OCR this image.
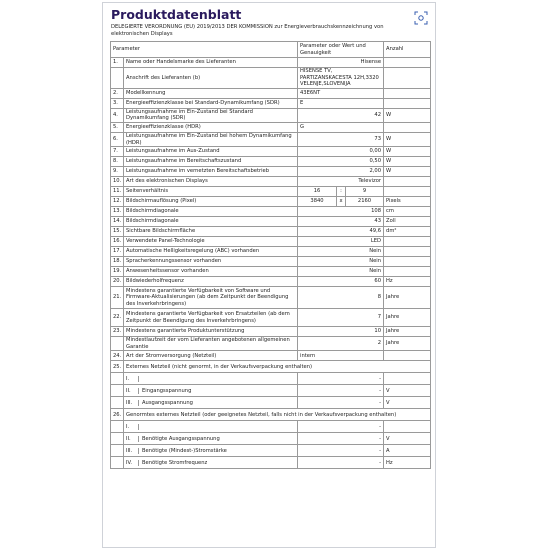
Produktdatenblatt
DELEGIERTE VERORDNUNG (EU) 2019/2013 DER KOMMISSION zur Energieverbrauchskennzeichnung von elektronischen Displays
Parameter		Parameter oder Wert und Genauigkeit			Anzahl
1.	Name oder Handelsmarke des Lieferanten	Hisense			
	Anschrift des Lieferanten (b)	HISENSE TV, PARTIZANSKACESTA 12H,3320 VELENJE,SLOVENIJA			
2.	Modellkennung	43E6NT			
3.	Energieeffizienzklasse bei Standard-Dynamikumfang (SDR)	E			
4.	Leistungsaufnahme im Ein-Zustand bei Standard Dynamikumfang (SDR)	42			W
5.	Energieeffizienzklasse (HDR)	G			
6.	Leistungsaufnahme im Ein-Zustand bei hohem Dynamikumfang (HDR)	73			W
7.	Leistungsaufnahme im Aus-Zustand	0,00			W
8.	Leistungsaufnahme im Bereitschaftszustand	0,50			W
9.	Leistungsaufnahme im vernetzten Bereitschaftsbetrieb	2,00			W
10.	Art des elektronischen Displays	Televizor			
11.	Seitenverhältnis	16	:	9	
12.	Bildschirmauflösung (Pixel)	3840	x	2160	Pixels
13.	Bildschirmdiagonale	108			cm
14.	Bildschirmdiagonale	43			Zoll
15.	Sichtbare Bildschirmfläche	49,6			dm²
16.	Verwendete Panel-Technologie	LED			
17.	Automatische Helligkeitsregelung (ABC) vorhanden	Nein			
18.	Spracherkennungssensor vorhanden	Nein			
19.	Anwesenheitssensor vorhanden	Nein			
20.	Bildwiederholfrequenz	60			Hz
21.	Mindestens garantierte Verfügbarkeit von Software und Firmware-Aktualisierungen (ab dem Zeitpunkt der Beendigung des Inverkehrbringens)	8			Jahre
22.	Mindestens garantierte Verfügbarkeit von Ersatzteilen (ab dem Zeitpunkt der Beendigung des Inverkehrbringens)	7			Jahre
23.	Mindestens garantierte Produktunterstützung	10			Jahre
	Mindestlaufzeit der vom Lieferanten angebotenen allgemeinen Garantie	2			Jahre
24.	Art der Stromversorgung (Netzteil)	intern			
25.	Externes Netzteil (nicht genormt, in der Verkaufsverpackung enthalten)				
	I.	-			
	II. Eingangsspannung	-			V
	III. Ausgangsspannung	-			V
26.	Genormtes externes Netzteil (oder geeignetes Netzteil, falls nicht in der Verkaufsverpackung enthalten)				
	I.	-			
	II. Benötigte Ausgangsspannung	-			V
	III. Benötigte (Mindest-)Stromstärke	-			A
	IV. Benötigte Stromfrequenz	-			Hz
